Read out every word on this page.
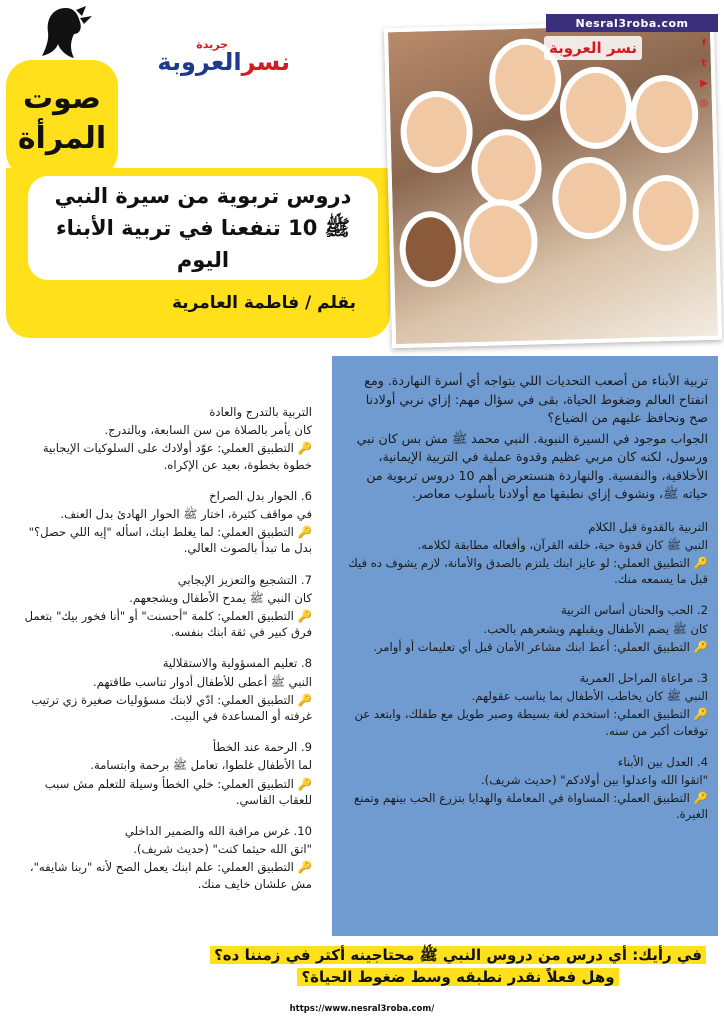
جريدة
نسرالعروبة
صوت
المرأة
دروس تربوية من سيرة النبي ﷺ 10 تنفعنا في تربية الأبناء اليوم
بقلم / فاطمة العامرية
Nesral3roba.com
نسر العروبة	f
t
▶
◎

تربية الأبناء من أصعب التحديات اللي بتواجه أي أسرة النهاردة. ومع انفتاح العالم وضغوط الحياة، بقى في سؤال مهم: إزاي نربي أولادنا صح ونحافظ عليهم من الضياع؟

الجواب موجود في السيرة النبوية. النبي محمد ﷺ مش بس كان نبي ورسول، لكنه كان مربي عظيم وقدوة عملية في التربية الإيمانية، الأخلاقية، والنفسية. والنهاردة هنستعرض أهم 10 دروس تربوية من حياته ﷺ، ونشوف إزاي نطبقها مع أولادنا بأسلوب معاصر.

التربية بالقدوة قبل الكلام

النبي ﷺ كان قدوة حية، خلقه القرآن، وأفعاله مطابقة لكلامه.

🔑 التطبيق العملي: لو عايز ابنك يلتزم بالصدق والأمانة، لازم يشوف ده فيك قبل ما يسمعه منك.

2. الحب والحنان أساس التربية

كان ﷺ يضم الأطفال ويقبلهم ويشعرهم بالحب.

🔑 التطبيق العملي: أعط ابنك مشاعر الأمان قبل أي تعليمات أو أوامر.

3. مراعاة المراحل العمرية

النبي ﷺ كان يخاطب الأطفال بما يناسب عقولهم.

🔑 التطبيق العملي: استخدم لغة بسيطة وصبر طويل مع طفلك، وابتعد عن توقعات أكبر من سنه.

4. العدل بين الأبناء

"اتقوا الله واعدلوا بين أولادكم" (حديث شريف).

🔑 التطبيق العملي: المساواة في المعاملة والهدايا بتزرع الحب بينهم وتمنع الغيرة.

التربية بالتدرج والعادة

كان يأمر بالصلاة من سن السابعة، وبالتدرج.

🔑 التطبيق العملي: عوّد أولادك على السلوكيات الإيجابية خطوة بخطوة، بعيد عن الإكراه.

6. الحوار بدل الصراخ

في مواقف كثيرة، اختار ﷺ الحوار الهادئ بدل العنف.

🔑 التطبيق العملي: لما يغلط ابنك، اسأله "إيه اللي حصل؟" بدل ما تبدأ بالصوت العالي.

7. التشجيع والتعزيز الإيجابي

كان النبي ﷺ يمدح الأطفال ويشجعهم.

🔑 التطبيق العملي: كلمة "أحسنت" أو "أنا فخور بيك" بتعمل فرق كبير في ثقة ابنك بنفسه.

8. تعليم المسؤولية والاستقلالية

النبي ﷺ أعطى للأطفال أدوار تناسب طاقتهم.

🔑 التطبيق العملي: ادّي لابنك مسؤوليات صغيرة زي ترتيب غرفته أو المساعدة في البيت.

9. الرحمة عند الخطأ

لما الأطفال غلطوا، تعامل ﷺ برحمة وابتسامة.

🔑 التطبيق العملي: خلي الخطأ وسيلة للتعلم مش سبب للعقاب القاسي.

10. غرس مراقبة الله والضمير الداخلي

"اتق الله حيثما كنت" (حديث شريف).

🔑 التطبيق العملي: علم ابنك يعمل الصح لأنه "ربنا شايفه"، مش علشان خايف منك.

في رأيك: أي درس من دروس النبي ﷺ محتاجينه أكتر في زمننا ده؟

وهل فعلاً نقدر نطبقه وسط ضغوط الحياة؟

https://www.nesral3roba.com/
